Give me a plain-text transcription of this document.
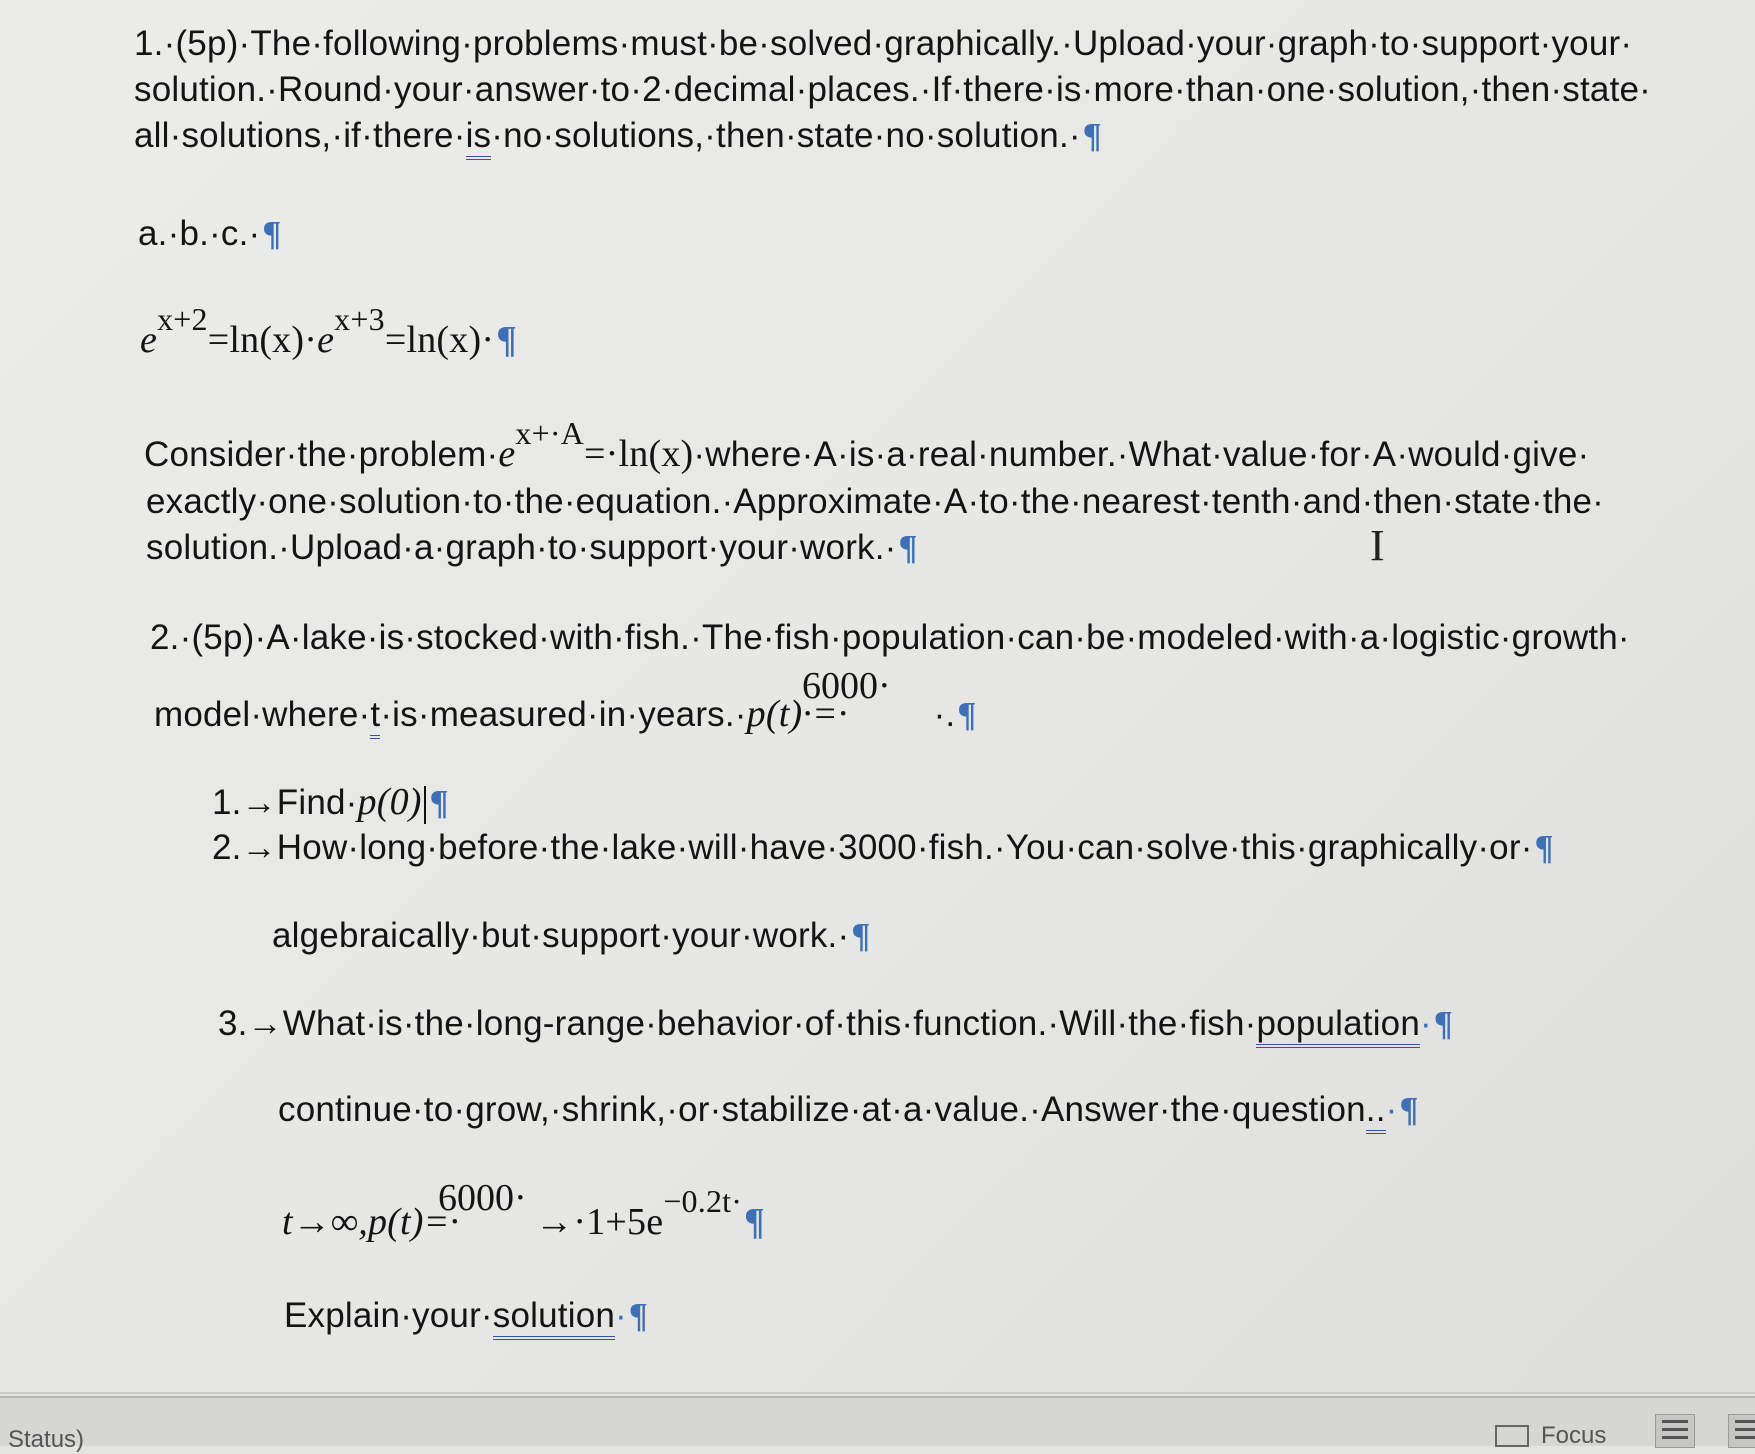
1.·(5p)·The·following·problems·must·be·solved·graphically.·Upload·your·graph·to·support·your·
solution.·Round·your·answer·to·2·decimal·places.·If·there·is·more·than·one·solution,·then·state·
all·solutions,·if·there·is·no·solutions,·then·state·no·solution.·¶
a.·b.·c.·¶
$e^{x+2}=\ln(x)\cdot e^{x+3}=\ln(x)\cdot\P$
$Consider\cdot the\cdot problem\cdot e^{x+\cdot A}=\cdot\ln(x)\cdot where\cdot A\cdot is\cdot a\cdot real\cdot number.\cdot What\cdot value\cdot for\cdot A\cdot would\cdot give\cdot$
exactly·one·solution·to·the·equation.·Approximate·A·to·the·nearest·tenth·and·then·state·the·
solution.·Upload·a·graph·to·support·your·work.·¶	I
2.·(5p)·A·lake·is·stocked·with·fish.·The·fish·population·can·be·modeled·with·a·logistic·growth·
6000·
model·where·t·is·measured·in·years.·p(t)·=· ·.¶
1.→Find·p(0) ¶
2.→How·long·before·the·lake·will·have·3000·fish.·You·can·solve·this·graphically·or·¶
algebraically·but·support·your·work.·¶
3.→What·is·the·long-range·behavior·of·this·function.·Will·the·fish·population·¶
continue·to·grow,·shrink,·or·stabilize·at·a·value.·Answer·the·question..·¶
6000·
$t\to\infty,p(t)=\cdot \to\cdot 1+5e^{-0.2t\cdot}\P$
Explain·your·solution·¶
Status)	Focus
